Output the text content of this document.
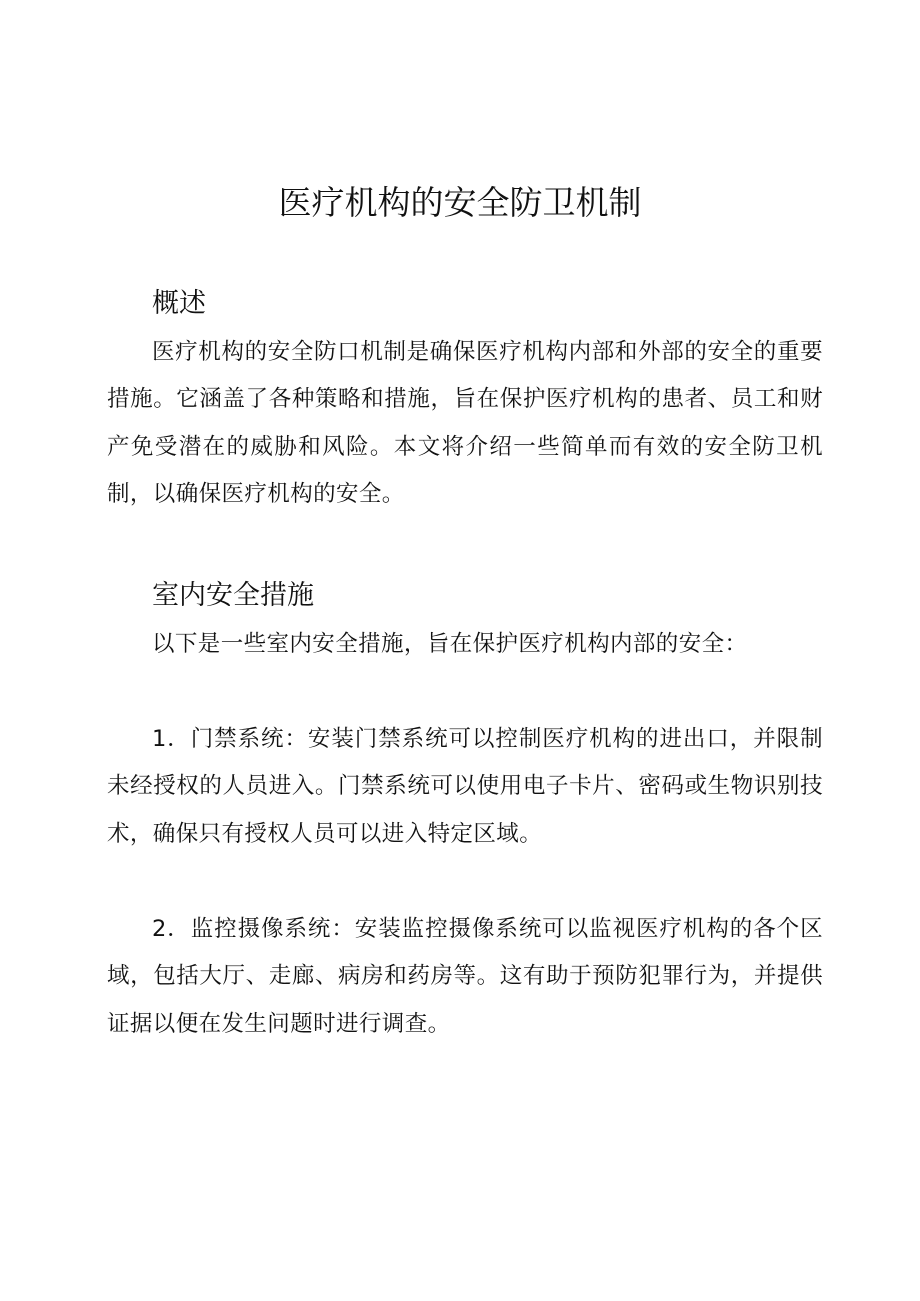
医疗机构的安全防卫机制
概述

医疗机构的安全防口机制是确保医疗机构内部和外部的安全的重要措施。它涵盖了各种策略和措施，旨在保护医疗机构的患者、员工和财产免受潜在的威胁和风险。本文将介绍一些简单而有效的安全防卫机制，以确保医疗机构的安全。

室内安全措施

以下是一些室内安全措施，旨在保护医疗机构内部的安全：

1．门禁系统：安装门禁系统可以控制医疗机构的进出口，并限制未经授权的人员进入。门禁系统可以使用电子卡片、密码或生物识别技术，确保只有授权人员可以进入特定区域。

2．监控摄像系统：安装监控摄像系统可以监视医疗机构的各个区域，包括大厅、走廊、病房和药房等。这有助于预防犯罪行为，并提供证据以便在发生问题时进行调查。
